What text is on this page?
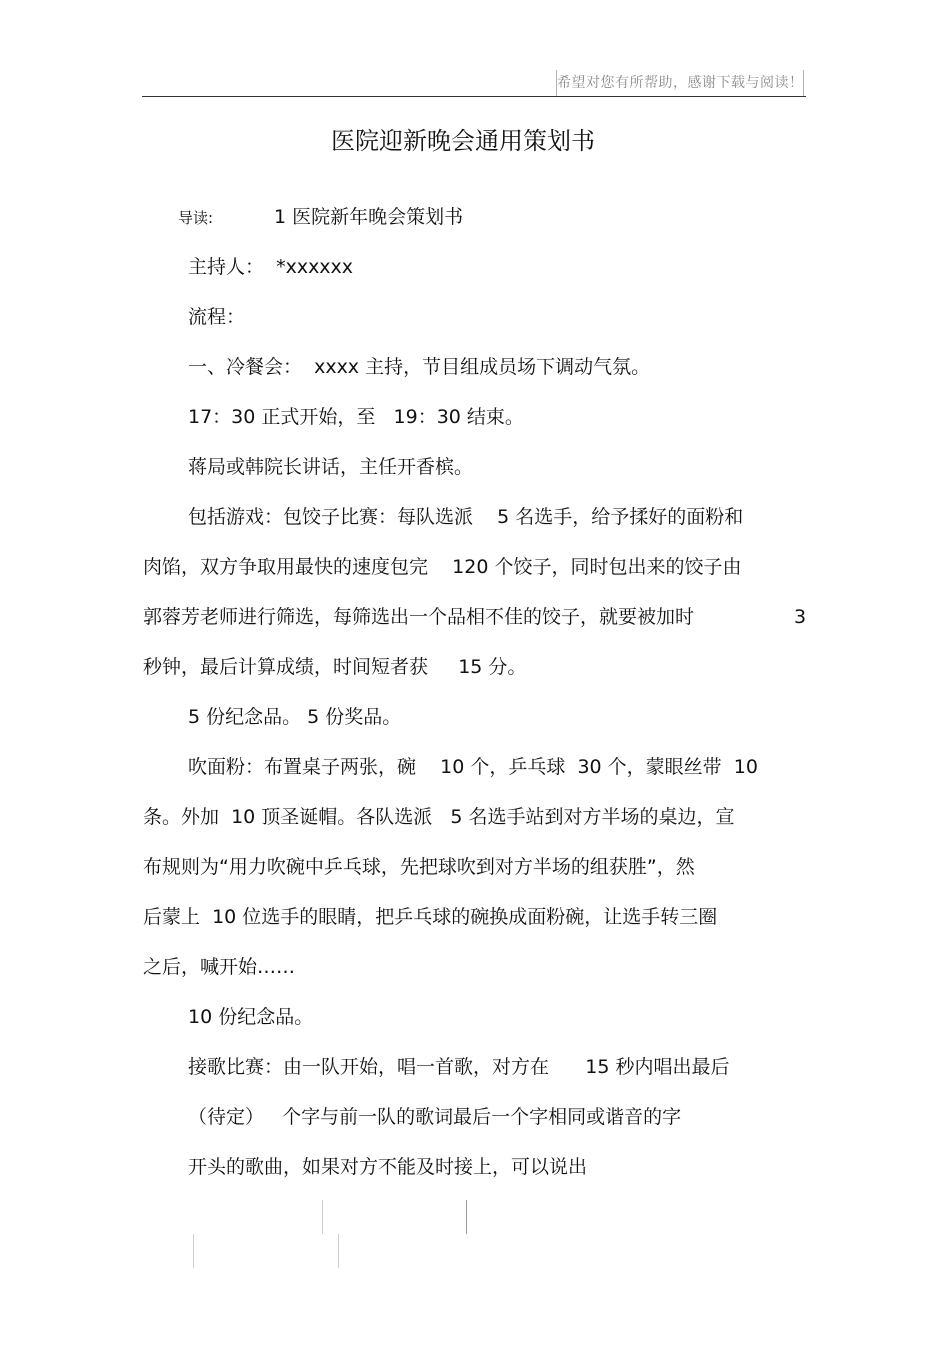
希望对您有所帮助，感谢下载与阅读！
医院迎新晚会通用策划书
导读:	1 医院新年晚会策划书
主持人：  *xxxxxx
流程：
一、冷餐会：  xxxx 主持，节目组成员场下调动气氛。
17：30 正式开始，至   19：30 结束。
蒋局或韩院长讲话，主任开香槟。
包括游戏：包饺子比赛：每队选派    5 名选手，给予揉好的面粉和
肉馅，双方争取用最快的速度包完    120 个饺子，同时包出来的饺子由
郭蓉芳老师进行筛选，每筛选出一个品相不佳的饺子，就要被加时	3
秒钟，最后计算成绩，时间短者获     15 分。
5 份纪念品。 5 份奖品。
吹面粉：布置桌子两张，碗    10 个，乒乓球  30 个，蒙眼丝带  10
条。外加  10 顶圣诞帽。各队选派   5 名选手站到对方半场的桌边，宣
布规则为“用力吹碗中乒乓球，先把球吹到对方半场的组获胜”，然
后蒙上  10 位选手的眼睛，把乒乓球的碗换成面粉碗，让选手转三圈
之后，喊开始……
10 份纪念品。
接歌比赛：由一队开始，唱一首歌，对方在      15 秒内唱出最后
（待定）   个字与前一队的歌词最后一个字相同或谐音的字
开头的歌曲，如果对方不能及时接上，可以说出
